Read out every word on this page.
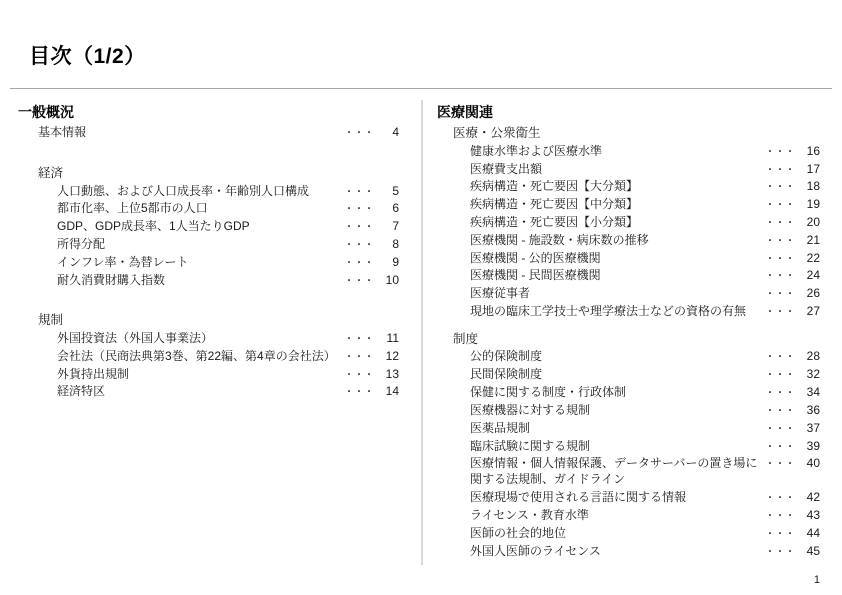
目次（1/2）
一般概況
基本情報	・・・	4
経済
人口動態、および人口成長率・年齢別人口構成	・・・	5
都市化率、上位5都市の人口	・・・	6
GDP、GDP成長率、1人当たりGDP	・・・	7
所得分配	・・・	8
インフレ率・為替レート	・・・	9
耐久消費財購入指数	・・・ 10
規制
外国投資法（外国人事業法）	・・・	11
会社法（民商法典第3巻、第22編、第4章の会社法） ・・・ 12
外貨持出規制	・・・ 13
経済特区	・・・ 14
医療関連
医療・公衆衛生
健康水準および医療水準	・・・ 16
医療費支出額	・・・ 17
疾病構造・死亡要因【大分類】	・・・ 18
疾病構造・死亡要因【中分類】	・・・ 19
疾病構造・死亡要因【小分類】	・・・ 20
医療機関 - 施設数・病床数の推移	・・・ 21
医療機関 - 公的医療機関	・・・ 22
医療機関 - 民間医療機関	・・・ 24
医療従事者	・・・ 26
現地の臨床工学技士や理学療法士などの資格の有無	・・・ 27
制度
公的保険制度	・・・ 28
民間保険制度	・・・ 32
保健に関する制度・行政体制	・・・ 34
医療機器に対する規制	・・・ 36
医薬品規制	・・・ 37
臨床試験に関する規制	・・・ 39
医療情報・個人情報保護、データサーバーの置き場に関する法規制、ガイドライン
・・・ 40
医療現場で使用される言語に関する情報	・・・ 42
ライセンス・教育水準	・・・ 43
医師の社会的地位	・・・ 44
外国人医師のライセンス	・・・ 45
1
